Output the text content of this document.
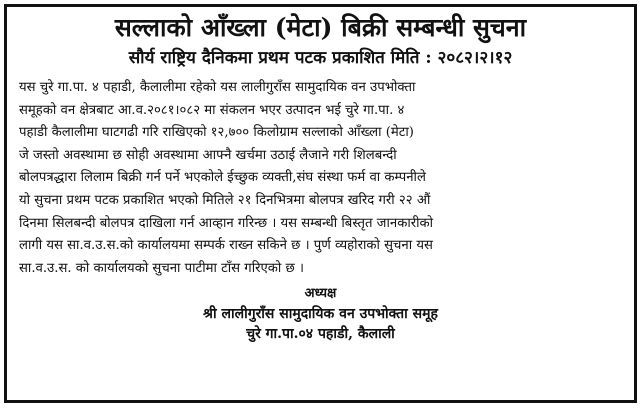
सल्लाको आँख्ला (मेटा) बिक्री सम्बन्धी सुचना
सौर्य राष्ट्रिय दैनिकमा प्रथम पटक प्रकाशित मिति : २०८२।२।१२
यस चुरे गा.पा. ४ पहाडी, कैलालीमा रहेको यस लालीगुराँस सामुदायिक वन उपभोक्ता
समूहको वन क्षेत्रबाट आ.व.२०८१।०८२ मा संकलन भएर उत्पादन भई चुरे गा.पा. ४
पहाडी कैलालीमा घाटगढी गरि राखिएको १२,७०० किलोग्राम सल्लाको आँख्ला (मेटा)
जे जस्तो अवस्थामा छ सोही अवस्थामा आफ्नै खर्चमा उठाई लैजाने गरी शिलबन्दी
बोलपत्रद्धारा लिलाम बिक्री गर्न पर्ने भएकोले ईच्छुक व्यक्ती,संघ संस्था फर्म वा कम्पनीले
यो सुचना प्रथम पटक प्रकाशित भएको मितिले २१ दिनभित्रमा बोलपत्र खरिद गरी २२ औं
दिनमा सिलबन्दी बोलपत्र दाखिला गर्न आव्हान गरिन्छ । यस सम्बन्धी बिस्तृत जानकारीको
लागी यस सा.व.उ.स.को कार्यालयमा सम्पर्क राख्न सकिने छ । पुर्ण व्यहोराको सुचना यस
सा.व.उ.स. को कार्यालयको सुचना पाटीमा टाँस गरिएको छ ।
अध्यक्ष
श्री लालीगुराँस सामुदायिक वन उपभोक्ता समूह
चुरे गा.पा.०४ पहाडी, कैलाली
